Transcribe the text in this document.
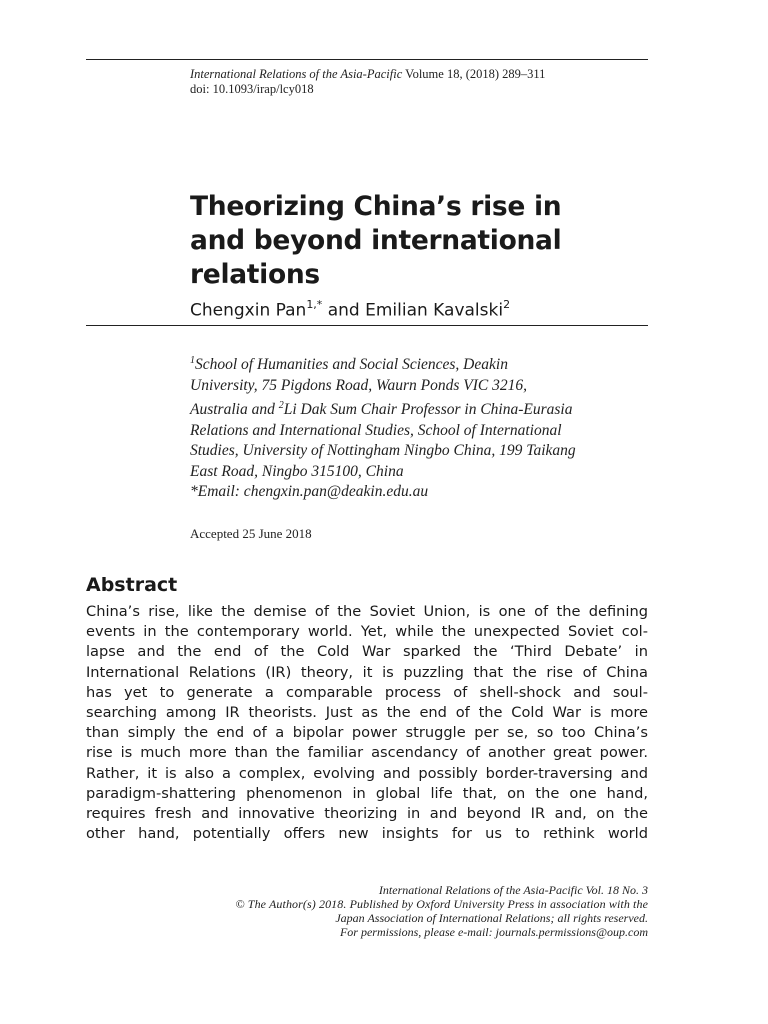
International Relations of the Asia-Pacific Volume 18, (2018) 289–311
doi: 10.1093/irap/lcy018
Theorizing China’s rise in
and beyond international
relations
Chengxin Pan$^{1,*}$ and Emilian Kavalski$^2$
$^1$School of Humanities and Social Sciences, Deakin
University, 75 Pigdons Road, Waurn Ponds VIC 3216,
Australia and $^2$Li Dak Sum Chair Professor in China-Eurasia
Relations and International Studies, School of International
Studies, University of Nottingham Ningbo China, 199 Taikang
East Road, Ningbo 315100, China
*Email: chengxin.pan@deakin.edu.au
Accepted 25 June 2018
Abstract
China’s rise, like the demise of the Soviet Union, is one of the defining
events in the contemporary world. Yet, while the unexpected Soviet col-
lapse and the end of the Cold War sparked the ‘Third Debate’ in
International Relations (IR) theory, it is puzzling that the rise of China
has yet to generate a comparable process of shell-shock and soul-
searching among IR theorists. Just as the end of the Cold War is more
than simply the end of a bipolar power struggle per se, so too China’s
rise is much more than the familiar ascendancy of another great power.
Rather, it is also a complex, evolving and possibly border-traversing and
paradigm-shattering phenomenon in global life that, on the one hand,
requires fresh and innovative theorizing in and beyond IR and, on the
other hand, potentially offers new insights for us to rethink world
International Relations of the Asia-Pacific Vol. 18 No. 3
© The Author(s) 2018. Published by Oxford University Press in association with the
Japan Association of International Relations; all rights reserved.
For permissions, please e-mail: journals.permissions@oup.com
